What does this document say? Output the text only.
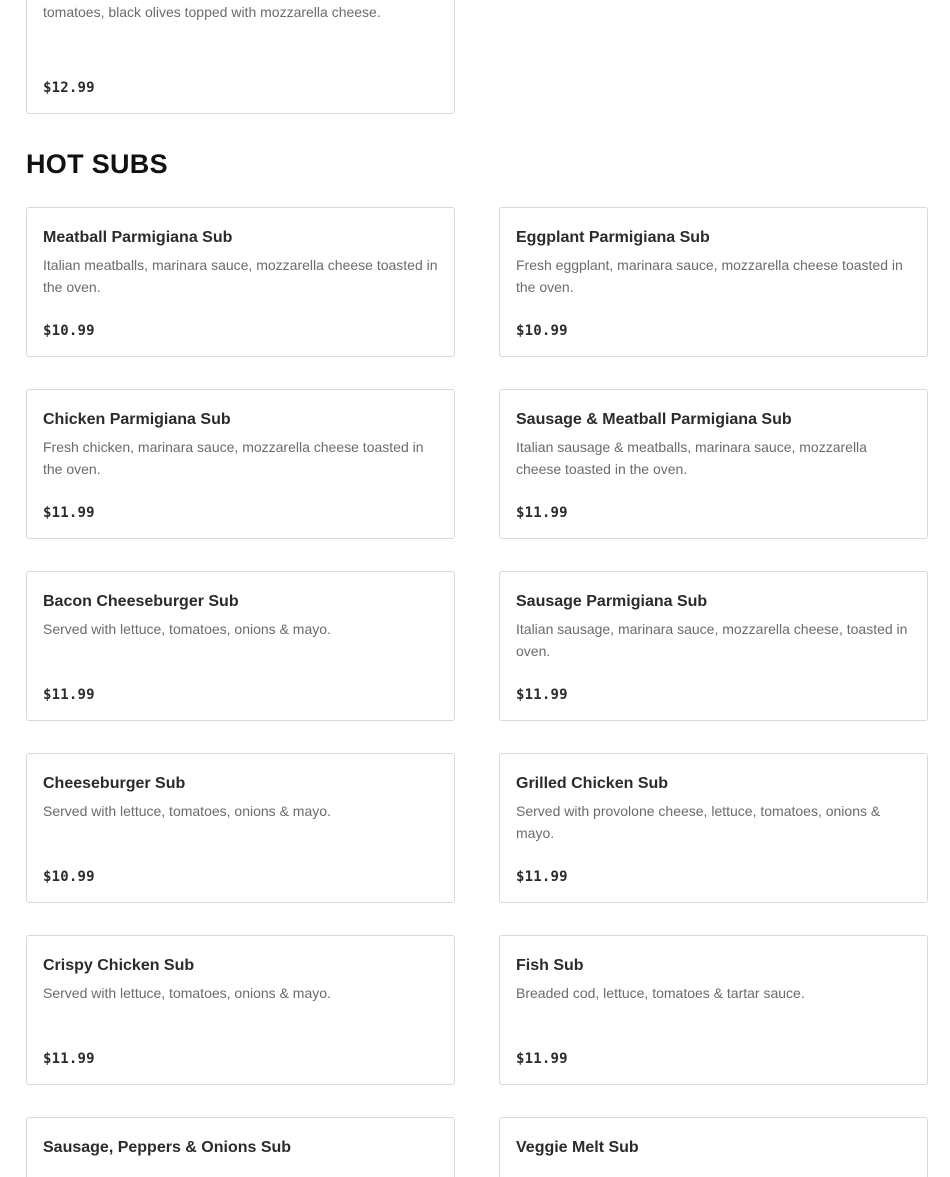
tomatoes, black olives topped with mozzarella cheese.
$12.99
HOT SUBS
Meatball Parmigiana Sub
Italian meatballs, marinara sauce, mozzarella cheese toasted in the oven.
$10.99
Eggplant Parmigiana Sub
Fresh eggplant, marinara sauce, mozzarella cheese toasted in the oven.
$10.99
Chicken Parmigiana Sub
Fresh chicken, marinara sauce, mozzarella cheese toasted in the oven.
$11.99
Sausage & Meatball Parmigiana Sub
Italian sausage & meatballs, marinara sauce, mozzarella cheese toasted in the oven.
$11.99
Bacon Cheeseburger Sub
Served with lettuce, tomatoes, onions & mayo.
$11.99
Sausage Parmigiana Sub
Italian sausage, marinara sauce, mozzarella cheese, toasted in oven.
$11.99
Cheeseburger Sub
Served with lettuce, tomatoes, onions & mayo.
$10.99
Grilled Chicken Sub
Served with provolone cheese, lettuce, tomatoes, onions & mayo.
$11.99
Crispy Chicken Sub
Served with lettuce, tomatoes, onions & mayo.
$11.99
Fish Sub
Breaded cod, lettuce, tomatoes & tartar sauce.
$11.99
Sausage, Peppers & Onions Sub	Veggie Melt Sub
